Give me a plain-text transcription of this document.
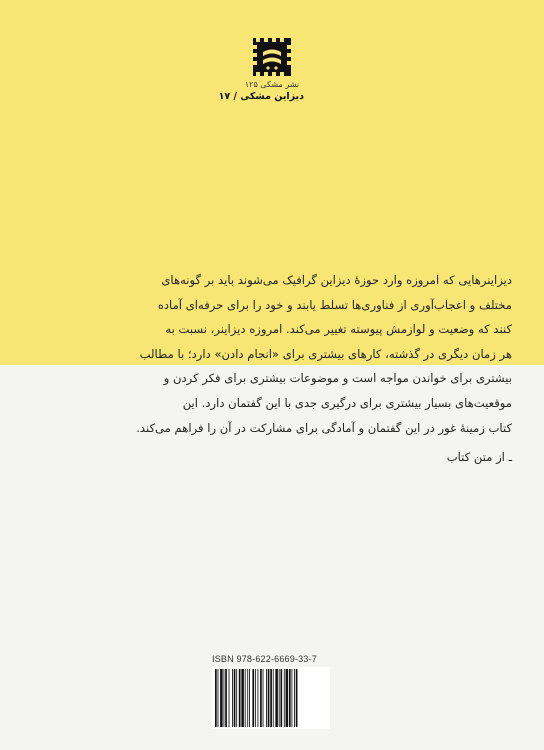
نشر مشکی ۱۲۵
دیزاین مشکی / ۱۷

دیزاینرهایی که امروزه وارد حوزهٔ دیزاین گرافیک می‌شوند باید بر گونه‌های

مختلف و اعجاب‌آوری از فناوری‌ها تسلط یابند و خود را برای حرفه‌ای آماده

کنند که وضعیت و لوازمش پیوسته تغییر می‌کند. امروزه دیزاینر، نسبت به

هر زمان دیگری در گذشته، کارهای بیشتری برای «انجام دادن» دارد؛ با مطالب

بیشتری برای خواندن مواجه است و موضوعات بیشتری برای فکر کردن و

موقعیت‌های بسیار بیشتری برای درگیری جدی با این گفتمان دارد. این

کتاب زمینهٔ غور در این گفتمان و آمادگی برای مشارکت در آن را فراهم می‌کند.

ـ از متن کتاب

ISBN 978-622-6669-33-7
